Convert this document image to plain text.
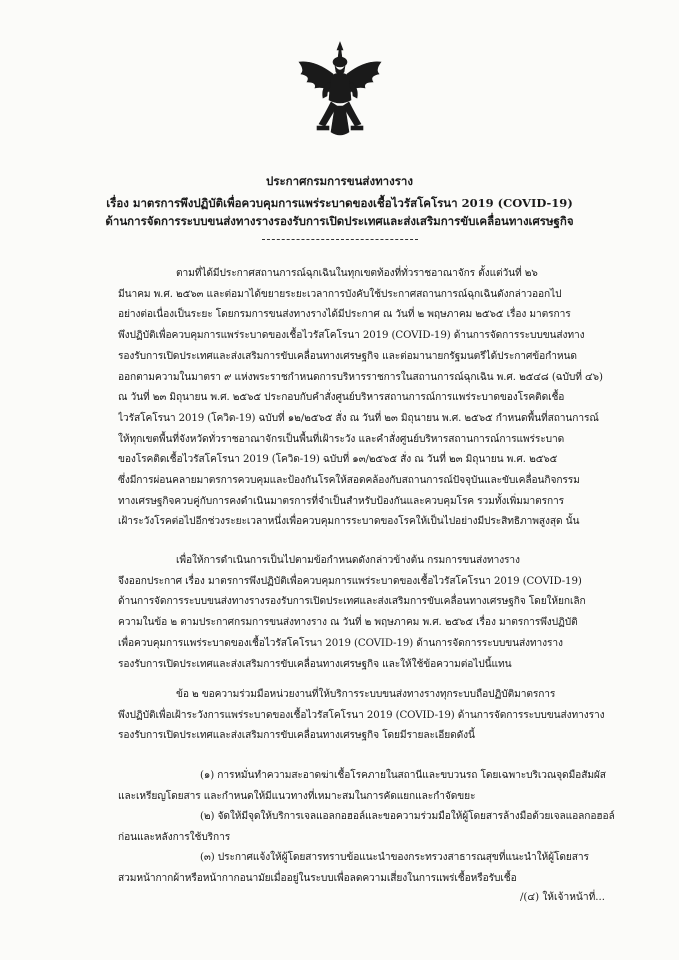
ประกาศกรมการขนส่งทางราง
เรื่อง มาตรการพึงปฏิบัติเพื่อควบคุมการแพร่ระบาดของเชื้อไวรัสโคโรนา 2019 (COVID-19)
ด้านการจัดการระบบขนส่งทางรางรองรับการเปิดประเทศและส่งเสริมการขับเคลื่อนทางเศรษฐกิจ
ตามที่ได้มีประกาศสถานการณ์ฉุกเฉินในทุกเขตท้องที่ทั่วราชอาณาจักร ตั้งแต่วันที่ ๒๖
มีนาคม พ.ศ. ๒๕๖๓ และต่อมาได้ขยายระยะเวลาการบังคับใช้ประกาศสถานการณ์ฉุกเฉินดังกล่าวออกไป
อย่างต่อเนื่องเป็นระยะ โดยกรมการขนส่งทางรางได้มีประกาศ ณ วันที่ ๒ พฤษภาคม ๒๕๖๕ เรื่อง มาตรการ
พึงปฏิบัติเพื่อควบคุมการแพร่ระบาดของเชื้อไวรัสโคโรนา 2019 (COVID-19) ด้านการจัดการระบบขนส่งทาง
รองรับการเปิดประเทศและส่งเสริมการขับเคลื่อนทางเศรษฐกิจ และต่อมานายกรัฐมนตรีได้ประกาศข้อกำหนด
ออกตามความในมาตรา ๙ แห่งพระราชกำหนดการบริหารราชการในสถานการณ์ฉุกเฉิน พ.ศ. ๒๕๔๘ (ฉบับที่ ๔๖)
ณ วันที่ ๒๓ มิถุนายน พ.ศ. ๒๕๖๕ ประกอบกับคำสั่งศูนย์บริหารสถานการณ์การแพร่ระบาดของโรคติดเชื้อ
ไวรัสโคโรนา 2019 (โควิด-19) ฉบับที่ ๑๒/๒๕๖๕ สั่ง ณ วันที่ ๒๓ มิถุนายน พ.ศ. ๒๕๖๕ กำหนดพื้นที่สถานการณ์
ให้ทุกเขตพื้นที่จังหวัดทั่วราชอาณาจักรเป็นพื้นที่เฝ้าระวัง และคำสั่งศูนย์บริหารสถานการณ์การแพร่ระบาด
ของโรคติดเชื้อไวรัสโคโรนา 2019 (โควิด-19) ฉบับที่ ๑๓/๒๕๖๕ สั่ง ณ วันที่ ๒๓ มิถุนายน พ.ศ. ๒๕๖๕
ซึ่งมีการผ่อนคลายมาตรการควบคุมและป้องกันโรคให้สอดคล้องกับสถานการณ์ปัจจุบันและขับเคลื่อนกิจกรรม
ทางเศรษฐกิจควบคู่กับการคงดำเนินมาตรการที่จำเป็นสำหรับป้องกันและควบคุมโรค รวมทั้งเพิ่มมาตรการ
เฝ้าระวังโรคต่อไปอีกช่วงระยะเวลาหนึ่งเพื่อควบคุมการระบาดของโรคให้เป็นไปอย่างมีประสิทธิภาพสูงสุด นั้น
เพื่อให้การดำเนินการเป็นไปตามข้อกำหนดดังกล่าวข้างต้น กรมการขนส่งทางราง
จึงออกประกาศ เรื่อง มาตรการพึงปฏิบัติเพื่อควบคุมการแพร่ระบาดของเชื้อไวรัสโคโรนา 2019 (COVID-19)
ด้านการจัดการระบบขนส่งทางรางรองรับการเปิดประเทศและส่งเสริมการขับเคลื่อนทางเศรษฐกิจ โดยให้ยกเลิก
ความในข้อ ๒ ตามประกาศกรมการขนส่งทางราง ณ วันที่ ๒ พฤษภาคม พ.ศ. ๒๕๖๕ เรื่อง มาตรการพึงปฏิบัติ
เพื่อควบคุมการแพร่ระบาดของเชื้อไวรัสโคโรนา 2019 (COVID-19) ด้านการจัดการระบบขนส่งทางราง
รองรับการเปิดประเทศและส่งเสริมการขับเคลื่อนทางเศรษฐกิจ และให้ใช้ข้อความต่อไปนี้แทน
ข้อ ๒ ขอความร่วมมือหน่วยงานที่ให้บริการระบบขนส่งทางรางทุกระบบถือปฏิบัติมาตรการ
พึงปฏิบัติเพื่อเฝ้าระวังการแพร่ระบาดของเชื้อไวรัสโคโรนา 2019 (COVID-19) ด้านการจัดการระบบขนส่งทางราง
รองรับการเปิดประเทศและส่งเสริมการขับเคลื่อนทางเศรษฐกิจ โดยมีรายละเอียดดังนี้
(๑) การหมั่นทำความสะอาดฆ่าเชื้อโรคภายในสถานีและขบวนรถ โดยเฉพาะบริเวณจุดมือสัมผัส
และเหรียญโดยสาร และกำหนดให้มีแนวทางที่เหมาะสมในการคัดแยกและกำจัดขยะ
(๒) จัดให้มีจุดให้บริการเจลแอลกอฮอล์และขอความร่วมมือให้ผู้โดยสารล้างมือด้วยเจลแอลกอฮอล์
ก่อนและหลังการใช้บริการ
(๓) ประกาศแจ้งให้ผู้โดยสารทราบข้อแนะนำของกระทรวงสาธารณสุขที่แนะนำให้ผู้โดยสาร
สวมหน้ากากผ้าหรือหน้ากากอนามัยเมื่ออยู่ในระบบเพื่อลดความเสี่ยงในการแพร่เชื้อหรือรับเชื้อ
/(๔) ให้เจ้าหน้าที่...
